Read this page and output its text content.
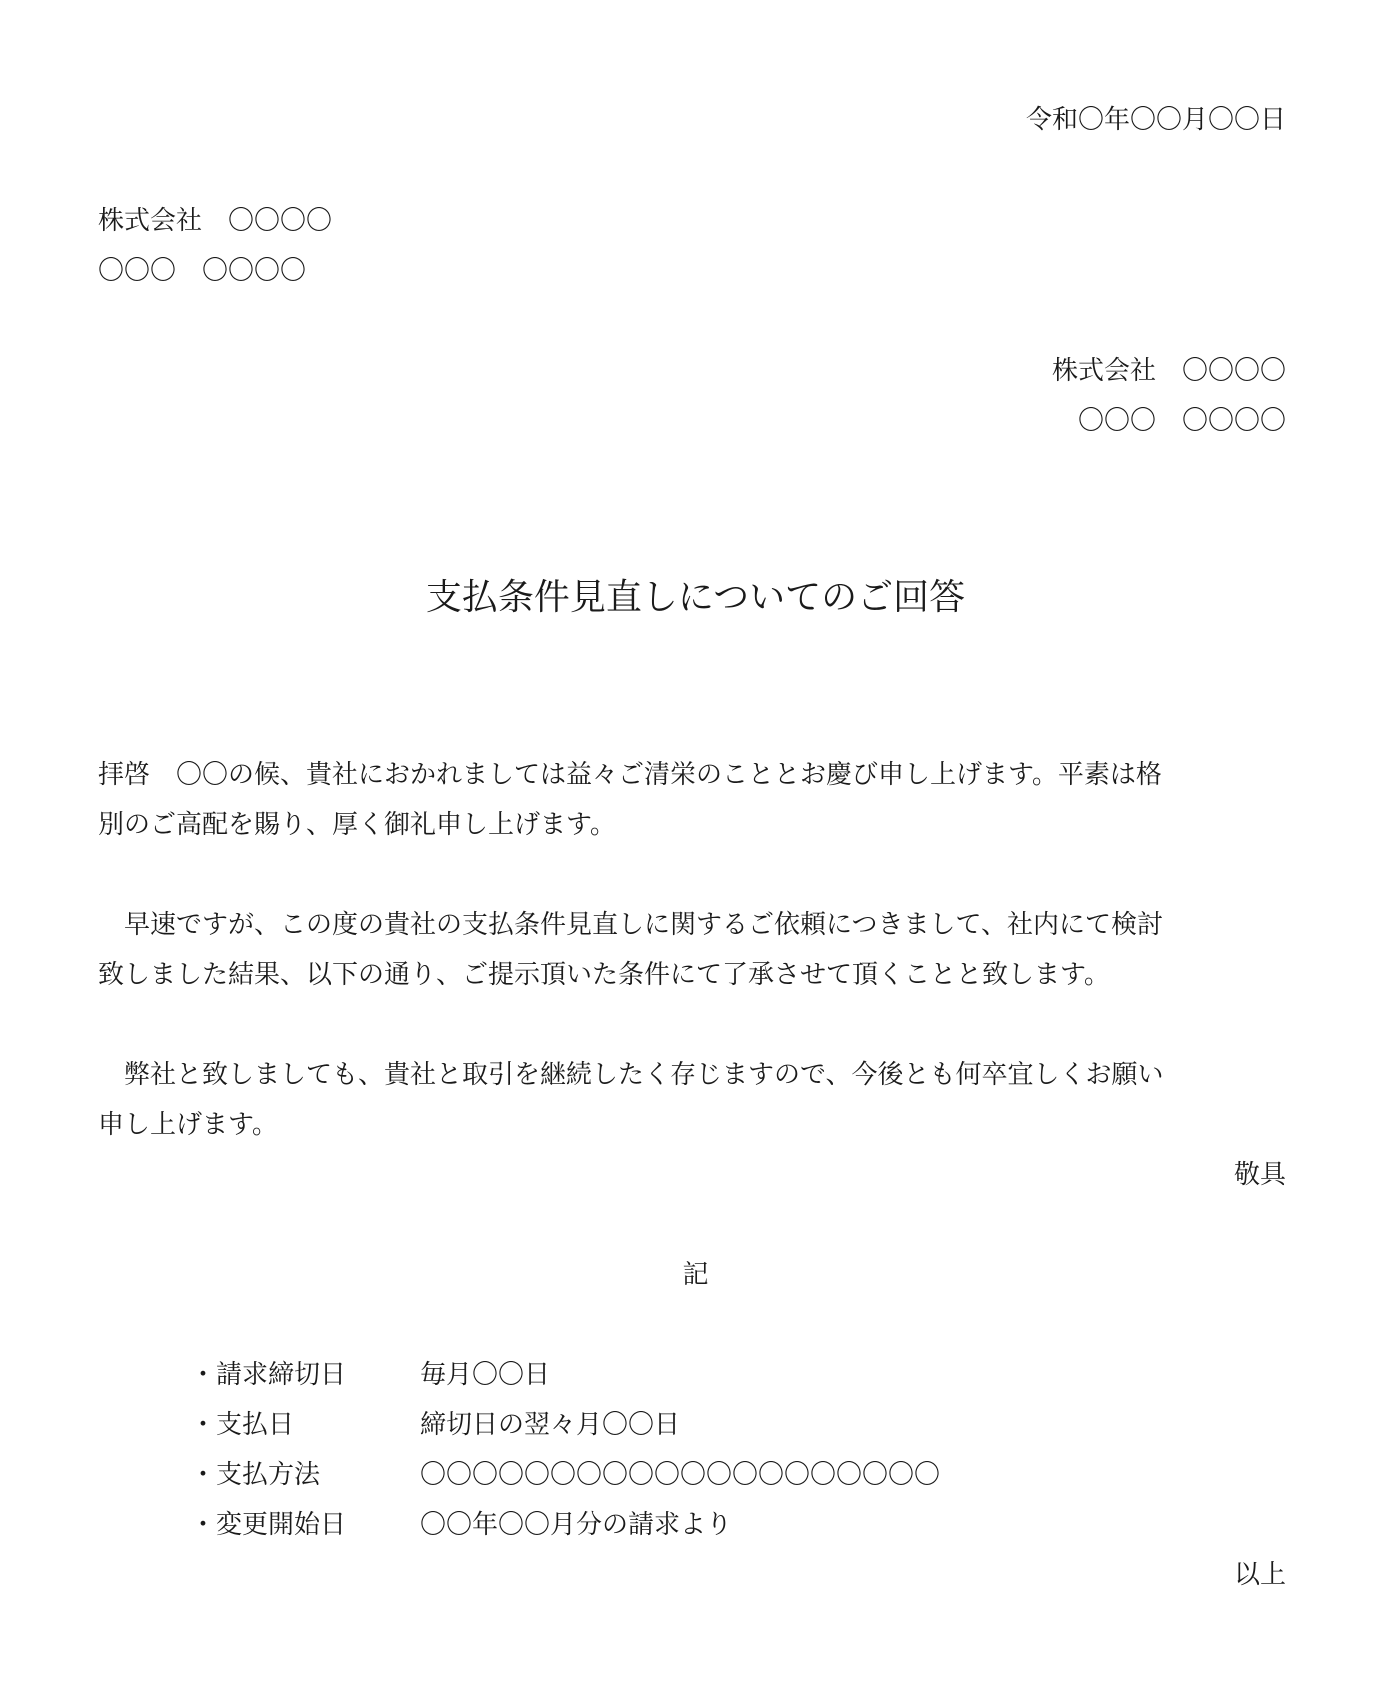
令和〇年〇〇月〇〇日
株式会社　〇〇〇〇
〇〇〇　〇〇〇〇
株式会社　〇〇〇〇
〇〇〇　〇〇〇〇
支払条件見直しについてのご回答
拝啓　〇〇の候、貴社におかれましては益々ご清栄のこととお慶び申し上げます。平素は格
別のご高配を賜り、厚く御礼申し上げます。
　早速ですが、この度の貴社の支払条件見直しに関するご依頼につきまして、社内にて検討
致しました結果、以下の通り、ご提示頂いた条件にて了承させて頂くことと致します。
　弊社と致しましても、貴社と取引を継続したく存じますので、今後とも何卒宜しくお願い
申し上げます。
敬具
記
・請求締切日	毎月〇〇日
・支払日	締切日の翌々月〇〇日
・支払方法	〇〇〇〇〇〇〇〇〇〇〇〇〇〇〇〇〇〇〇〇
・変更開始日	〇〇年〇〇月分の請求より
以上
